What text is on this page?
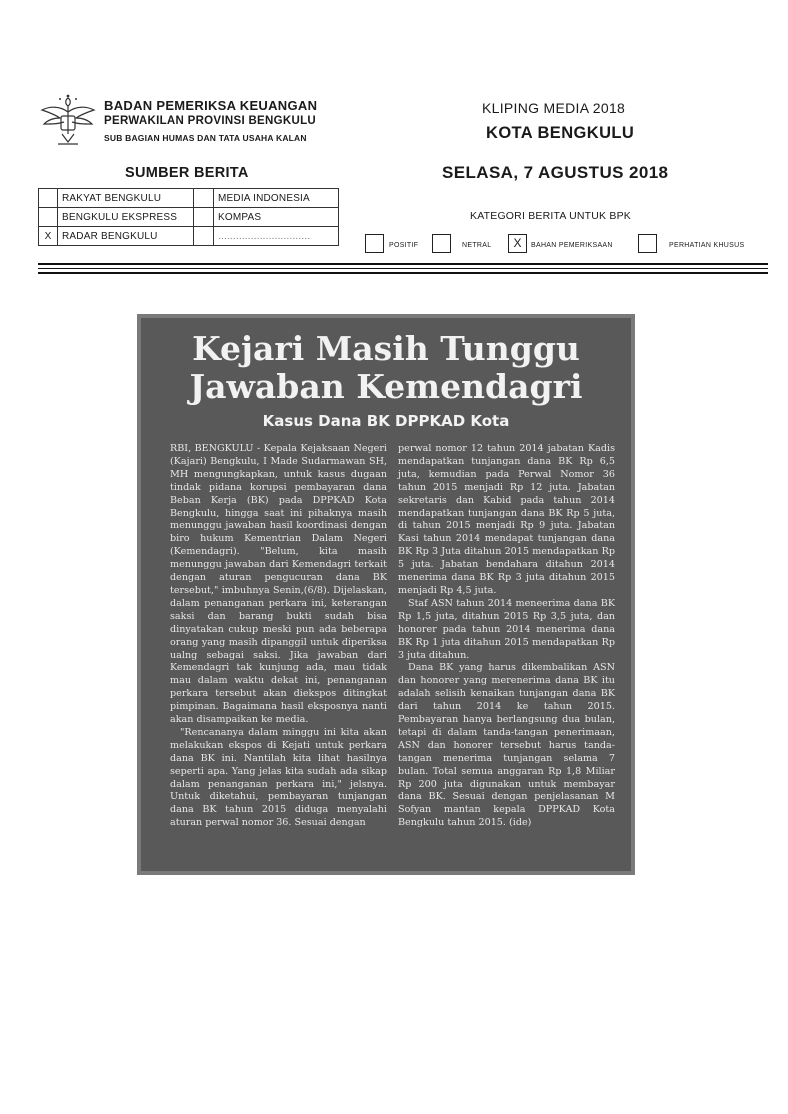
BADAN PEMERIKSA KEUANGAN
PERWAKILAN PROVINSI BENGKULU
SUB BAGIAN HUMAS DAN TATA USAHA KALAN
KLIPING MEDIA 2018
KOTA BENGKULU
SUMBER BERITA	SELASA, 7 AGUSTUS 2018
KATEGORI BERITA UNTUK BPK
	RAKYAT BENGKULU		MEDIA INDONESIA
	BENGKULU EKSPRESS		KOMPAS
X	RADAR BENGKULU		...............................
POSITIF	NETRAL	X	BAHAN PEMERIKSAAN	PERHATIAN KHUSUS
Kejari Masih Tunggu
Jawaban Kemendagri
Kasus Dana BK DPPKAD Kota

RBI, BENGKULU - Kepala Kejaksaan Negeri (Kajari) Bengkulu, I Made Sudarmawan SH, MH mengungkapkan, untuk kasus dugaan tindak pidana korupsi pembayaran dana Beban Kerja (BK) pada DPPKAD Kota Bengkulu, hingga saat ini pihaknya masih menunggu jawaban hasil koordinasi dengan biro hukum Kementrian Dalam Negeri (Kemendagri). "Belum, kita masih menunggu jawaban dari Kemendagri terkait dengan aturan pengucuran dana BK tersebut," imbuhnya Senin,(6/8). Dijelaskan, dalam penanganan perkara ini, keterangan saksi dan barang bukti sudah bisa dinyatakan cukup meski pun ada beberapa orang yang masih dipanggil untuk diperiksa ualng sebagai saksi. Jika jawaban dari Kemendagri tak kunjung ada, mau tidak mau dalam waktu dekat ini, penanganan perkara tersebut akan diekspos ditingkat pimpinan. Bagaimana hasil eksposnya nanti akan disampaikan ke media.

"Rencananya dalam minggu ini kita akan melakukan ekspos di Kejati untuk perkara dana BK ini. Nantilah kita lihat hasilnya seperti apa. Yang jelas kita sudah ada sikap dalam penanganan perkara ini," jelsnya. Untuk diketahui, pembayaran tunjangan dana BK tahun 2015 diduga menyalahi aturan perwal nomor 36. Sesuai dengan

perwal nomor 12 tahun 2014 jabatan Kadis mendapatkan tunjangan dana BK Rp 6,5 juta, kemudian pada Perwal Nomor 36 tahun 2015 menjadi Rp 12 juta. Jabatan sekretaris dan Kabid pada tahun 2014 mendapatkan tunjangan dana BK Rp 5 juta, di tahun 2015 menjadi Rp 9 juta. Jabatan Kasi tahun 2014 mendapat tunjangan dana BK Rp 3 Juta ditahun 2015 mendapatkan Rp 5 juta. Jabatan bendahara ditahun 2014 menerima dana BK Rp 3 juta ditahun 2015 menjadi Rp 4,5 juta.

Staf ASN tahun 2014 meneerima dana BK Rp 1,5 juta, ditahun 2015 Rp 3,5 juta, dan honorer pada tahun 2014 menerima dana BK Rp 1 juta ditahun 2015 mendapatkan Rp 3 juta ditahun.

Dana BK yang harus dikembalikan ASN dan honorer yang merenerima dana BK itu adalah selisih kenaikan tunjangan dana BK dari tahun 2014 ke tahun 2015. Pembayaran hanya berlangsung dua bulan, tetapi di dalam tanda-tangan penerimaan, ASN dan honorer tersebut harus tanda-tangan menerima tunjangan selama 7 bulan. Total semua anggaran Rp 1,8 Miliar Rp 200 juta digunakan untuk membayar dana BK. Sesuai dengan penjelasanan M Sofyan mantan kepala DPPKAD Kota Bengkulu tahun 2015. (ide)
